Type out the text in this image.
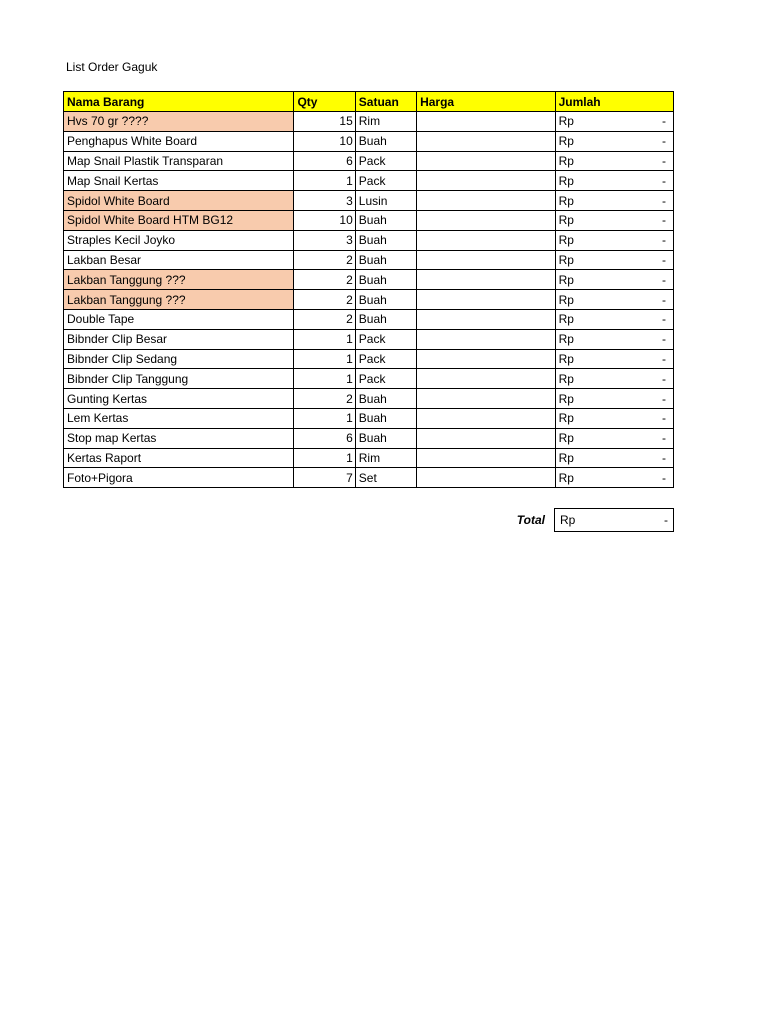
List Order Gaguk
Nama Barang	Qty	Satuan	Harga	Jumlah
Hvs 70 gr ????	15	Rim		Rp -

Penghapus White Board	10	Buah		Rp -

Map Snail Plastik Transparan	6	Pack		Rp -

Map Snail Kertas	1	Pack		Rp -

Spidol White Board	3	Lusin		Rp -

Spidol White Board HTM BG12	10	Buah		Rp -

Straples Kecil Joyko	3	Buah		Rp -

Lakban Besar	2	Buah		Rp -

Lakban Tanggung ???	2	Buah		Rp -

Lakban Tanggung ???	2	Buah		Rp -

Double Tape	2	Buah		Rp -

Bibnder Clip Besar	1	Pack		Rp -

Bibnder Clip Sedang	1	Pack		Rp -

Bibnder Clip Tanggung	1	Pack		Rp -

Gunting Kertas	2	Buah		Rp -

Lem Kertas	1	Buah		Rp -

Stop map Kertas	6	Buah		Rp -

Kertas Raport	1	Rim		Rp -

Foto+Pigora	7	Set		Rp -
Total Rp	-
